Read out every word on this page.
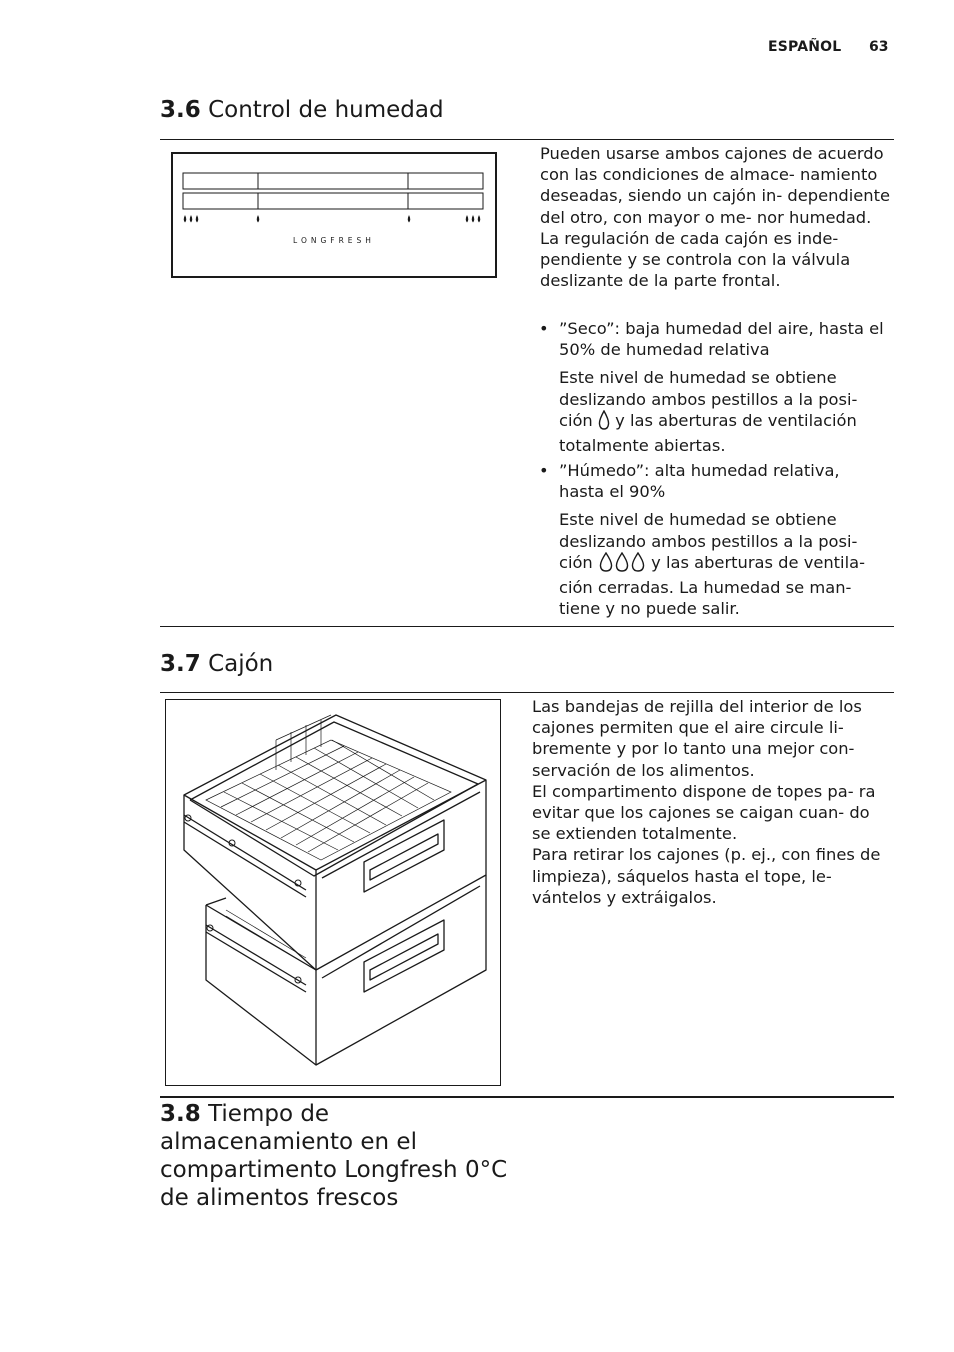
ESPAÑOL 63
3.6 Control de humedad
LONGFRESH

Pueden usarse ambos cajones de acuerdo con las condiciones de almace- namiento deseadas, siendo un cajón in- dependiente del otro, con mayor o me- nor humedad.

La regulación de cada cajón es inde- pendiente y se controla con la válvula deslizante de la parte frontal.

• ”Seco”: baja humedad del aire, hasta el 50% de humedad relativa

Este nivel de humedad se obtiene deslizando ambos pestillos a la posi- ción y las aberturas de ventilación totalmente abiertas.

• ”Húmedo”: alta humedad relativa, hasta el 90%

Este nivel de humedad se obtiene deslizando ambos pestillos a la posi- ción	y las aberturas de ventila- ción cerradas. La humedad se man- tiene y no puede salir.

3.7 Cajón

Las bandejas de rejilla del interior de los cajones permiten que el aire circule li- bremente y por lo tanto una mejor con- servación de los alimentos.

El compartimento dispone de topes pa- ra evitar que los cajones se caigan cuan- do se extienden totalmente.

Para retirar los cajones (p. ej., con fines de limpieza), sáquelos hasta el tope, le- vántelos y extráigalos.

3.8 Tiempo de
almacenamiento en el
compartimento Longfresh 0°C
de alimentos frescos
